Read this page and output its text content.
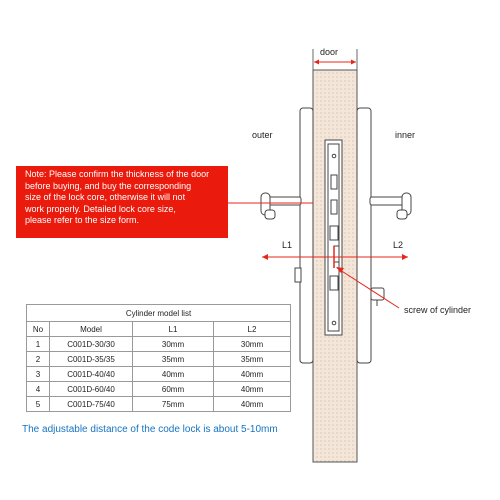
door
outer	inner
L1	L2
screw of cylinder
Note: Please confirm the thickness of the door
before buying, and buy the corresponding
size of the lock core, otherwise it will not
work properly. Detailed lock core size,
please refer to the size form.
Cylinder model list			
No	Model	L1	L2
1	C001D-30/30	30mm	30mm
2	C001D-35/35	35mm	35mm
3	C001D-40/40	40mm	40mm
4	C001D-60/40	60mm	40mm
5	C001D-75/40	75mm	40mm
The adjustable distance of the code lock is about 5-10mm
